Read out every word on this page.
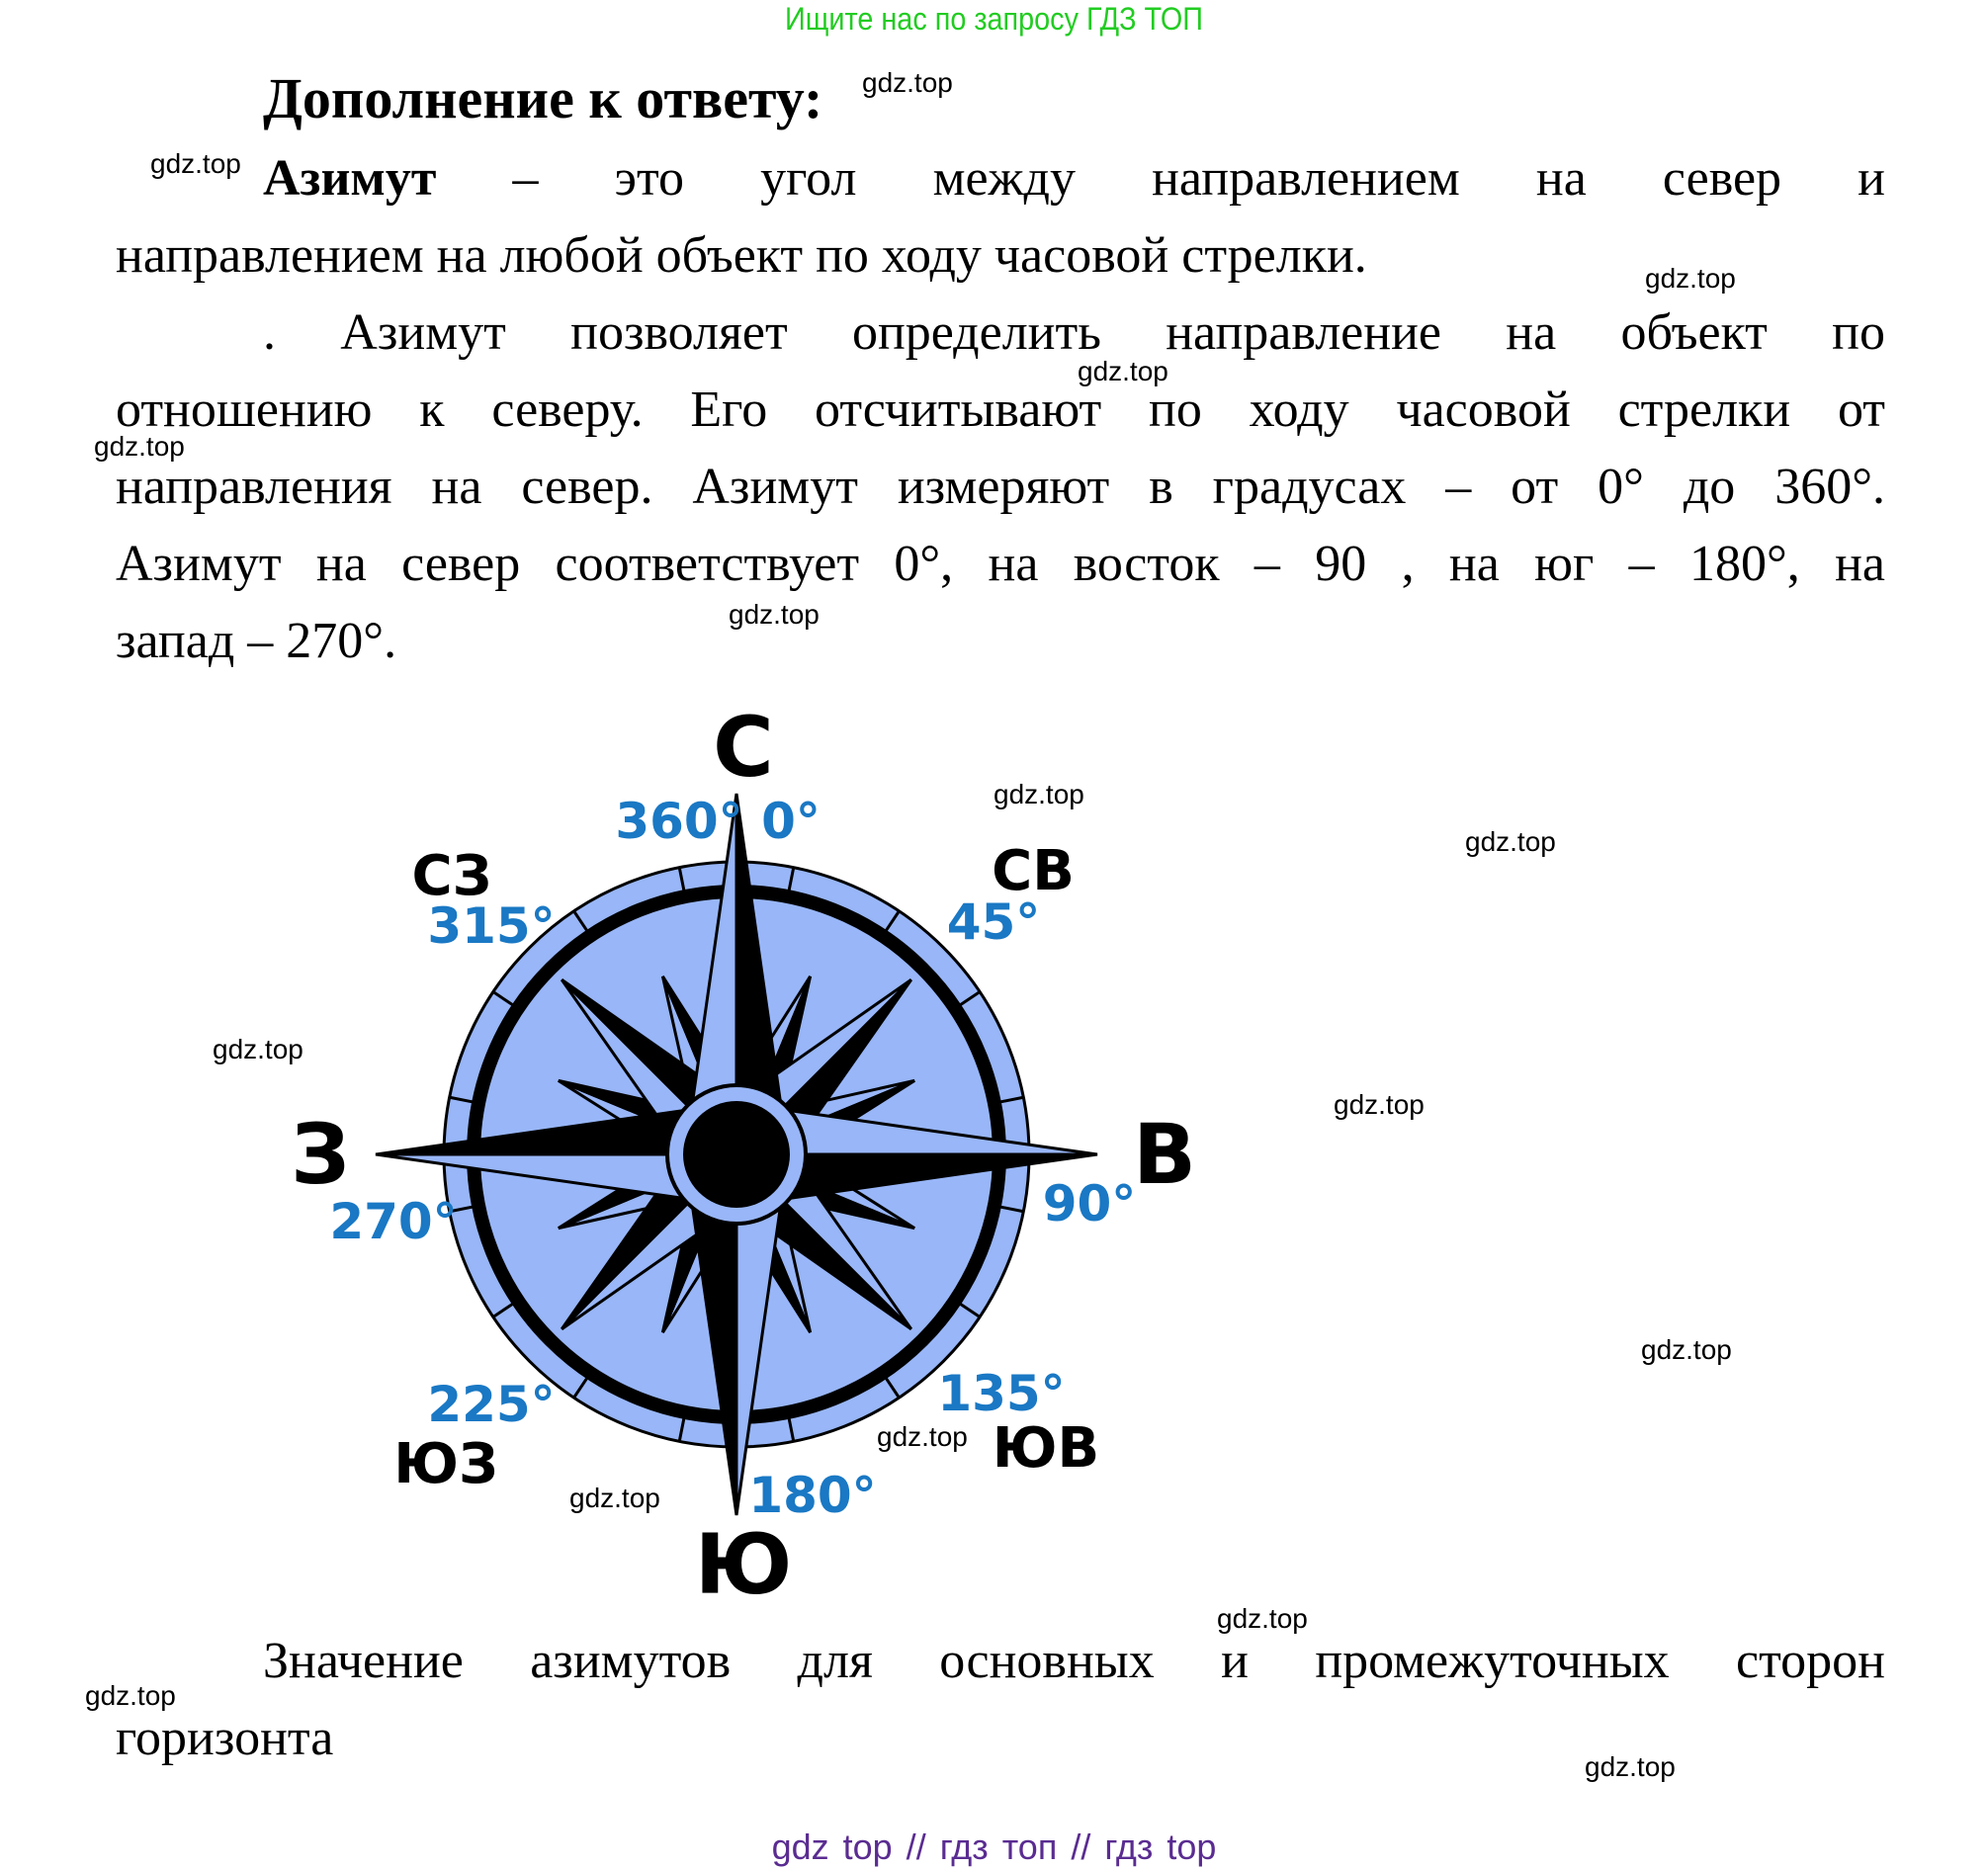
Ищите нас по запросу ГДЗ ТОП
Дополнение к ответу:
Азимут – это угол между направлением на север и
направлением на любой объект по ходу часовой стрелки.
. Азимут позволяет определить направление на объект по
отношению к северу. Его отсчитывают по ходу часовой стрелки от
направления на север. Азимут измеряют в градусах – от 0° до 360°.
Азимут на север соответствует 0°, на восток – 90 , на юг – 180°, на
запад – 270°.
С
360° 0°
СЗ
315°
СВ
45°
З
270°
В
90°
225°
ЮЗ
135°
ЮВ
180°
Ю
Значение азимутов для основных и промежуточных сторон
горизонта
gdz.top
gdz.top
gdz.top
gdz.top
gdz.top
gdz.top
gdz.top
gdz.top
gdz.top
gdz.top
gdz.top
gdz.top
gdz.top
gdz.top
gdz.top
gdz.top
gdz top // гдз топ // гдз top
